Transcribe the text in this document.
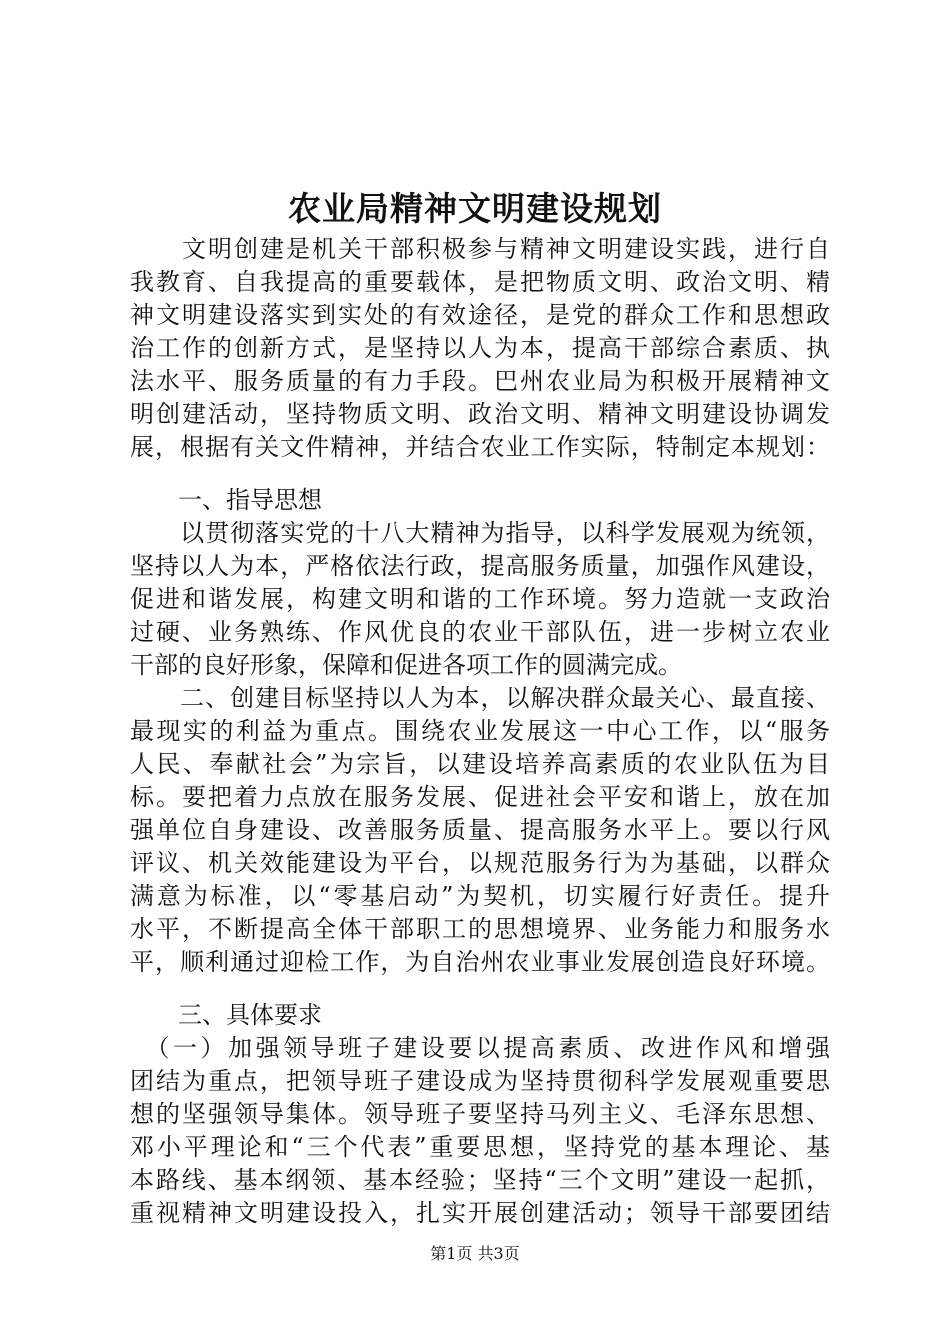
农业局精神文明建设规划
　　文明创建是机关干部积极参与精神文明建设实践，进行自
我教育、自我提高的重要载体，是把物质文明、政治文明、精
神文明建设落实到实处的有效途径，是党的群众工作和思想政
治工作的创新方式，是坚持以人为本，提高干部综合素质、执
法水平、服务质量的有力手段。巴州农业局为积极开展精神文
明创建活动，坚持物质文明、政治文明、精神文明建设协调发
展，根据有关文件精神，并结合农业工作实际，特制定本规划：
　　一、指导思想
　　以贯彻落实党的十八大精神为指导，以科学发展观为统领，
坚持以人为本，严格依法行政，提高服务质量，加强作风建设，
促进和谐发展，构建文明和谐的工作环境。努力造就一支政治
过硬、业务熟练、作风优良的农业干部队伍，进一步树立农业
干部的良好形象，保障和促进各项工作的圆满完成。
　　二、创建目标坚持以人为本，以解决群众最关心、最直接、
最现实的利益为重点。围绕农业发展这一中心工作，以“服务
人民、奉献社会”为宗旨，以建设培养高素质的农业队伍为目
标。要把着力点放在服务发展、促进社会平安和谐上，放在加
强单位自身建设、改善服务质量、提高服务水平上。要以行风
评议、机关效能建设为平台，以规范服务行为为基础，以群众
满意为标准，以“零基启动”为契机，切实履行好责任。提升
水平，不断提高全体干部职工的思想境界、业务能力和服务水
平，顺利通过迎检工作，为自治州农业事业发展创造良好环境。
　　三、具体要求
　（一）加强领导班子建设要以提高素质、改进作风和增强
团结为重点，把领导班子建设成为坚持贯彻科学发展观重要思
想的坚强领导集体。领导班子要坚持马列主义、毛泽东思想、
邓小平理论和“三个代表”重要思想，坚持党的基本理论、基
本路线、基本纲领、基本经验；坚持“三个文明”建设一起抓，
第1页 共3页
重视精神文明建设投入，扎实开展创建活动；领导干部要团结
